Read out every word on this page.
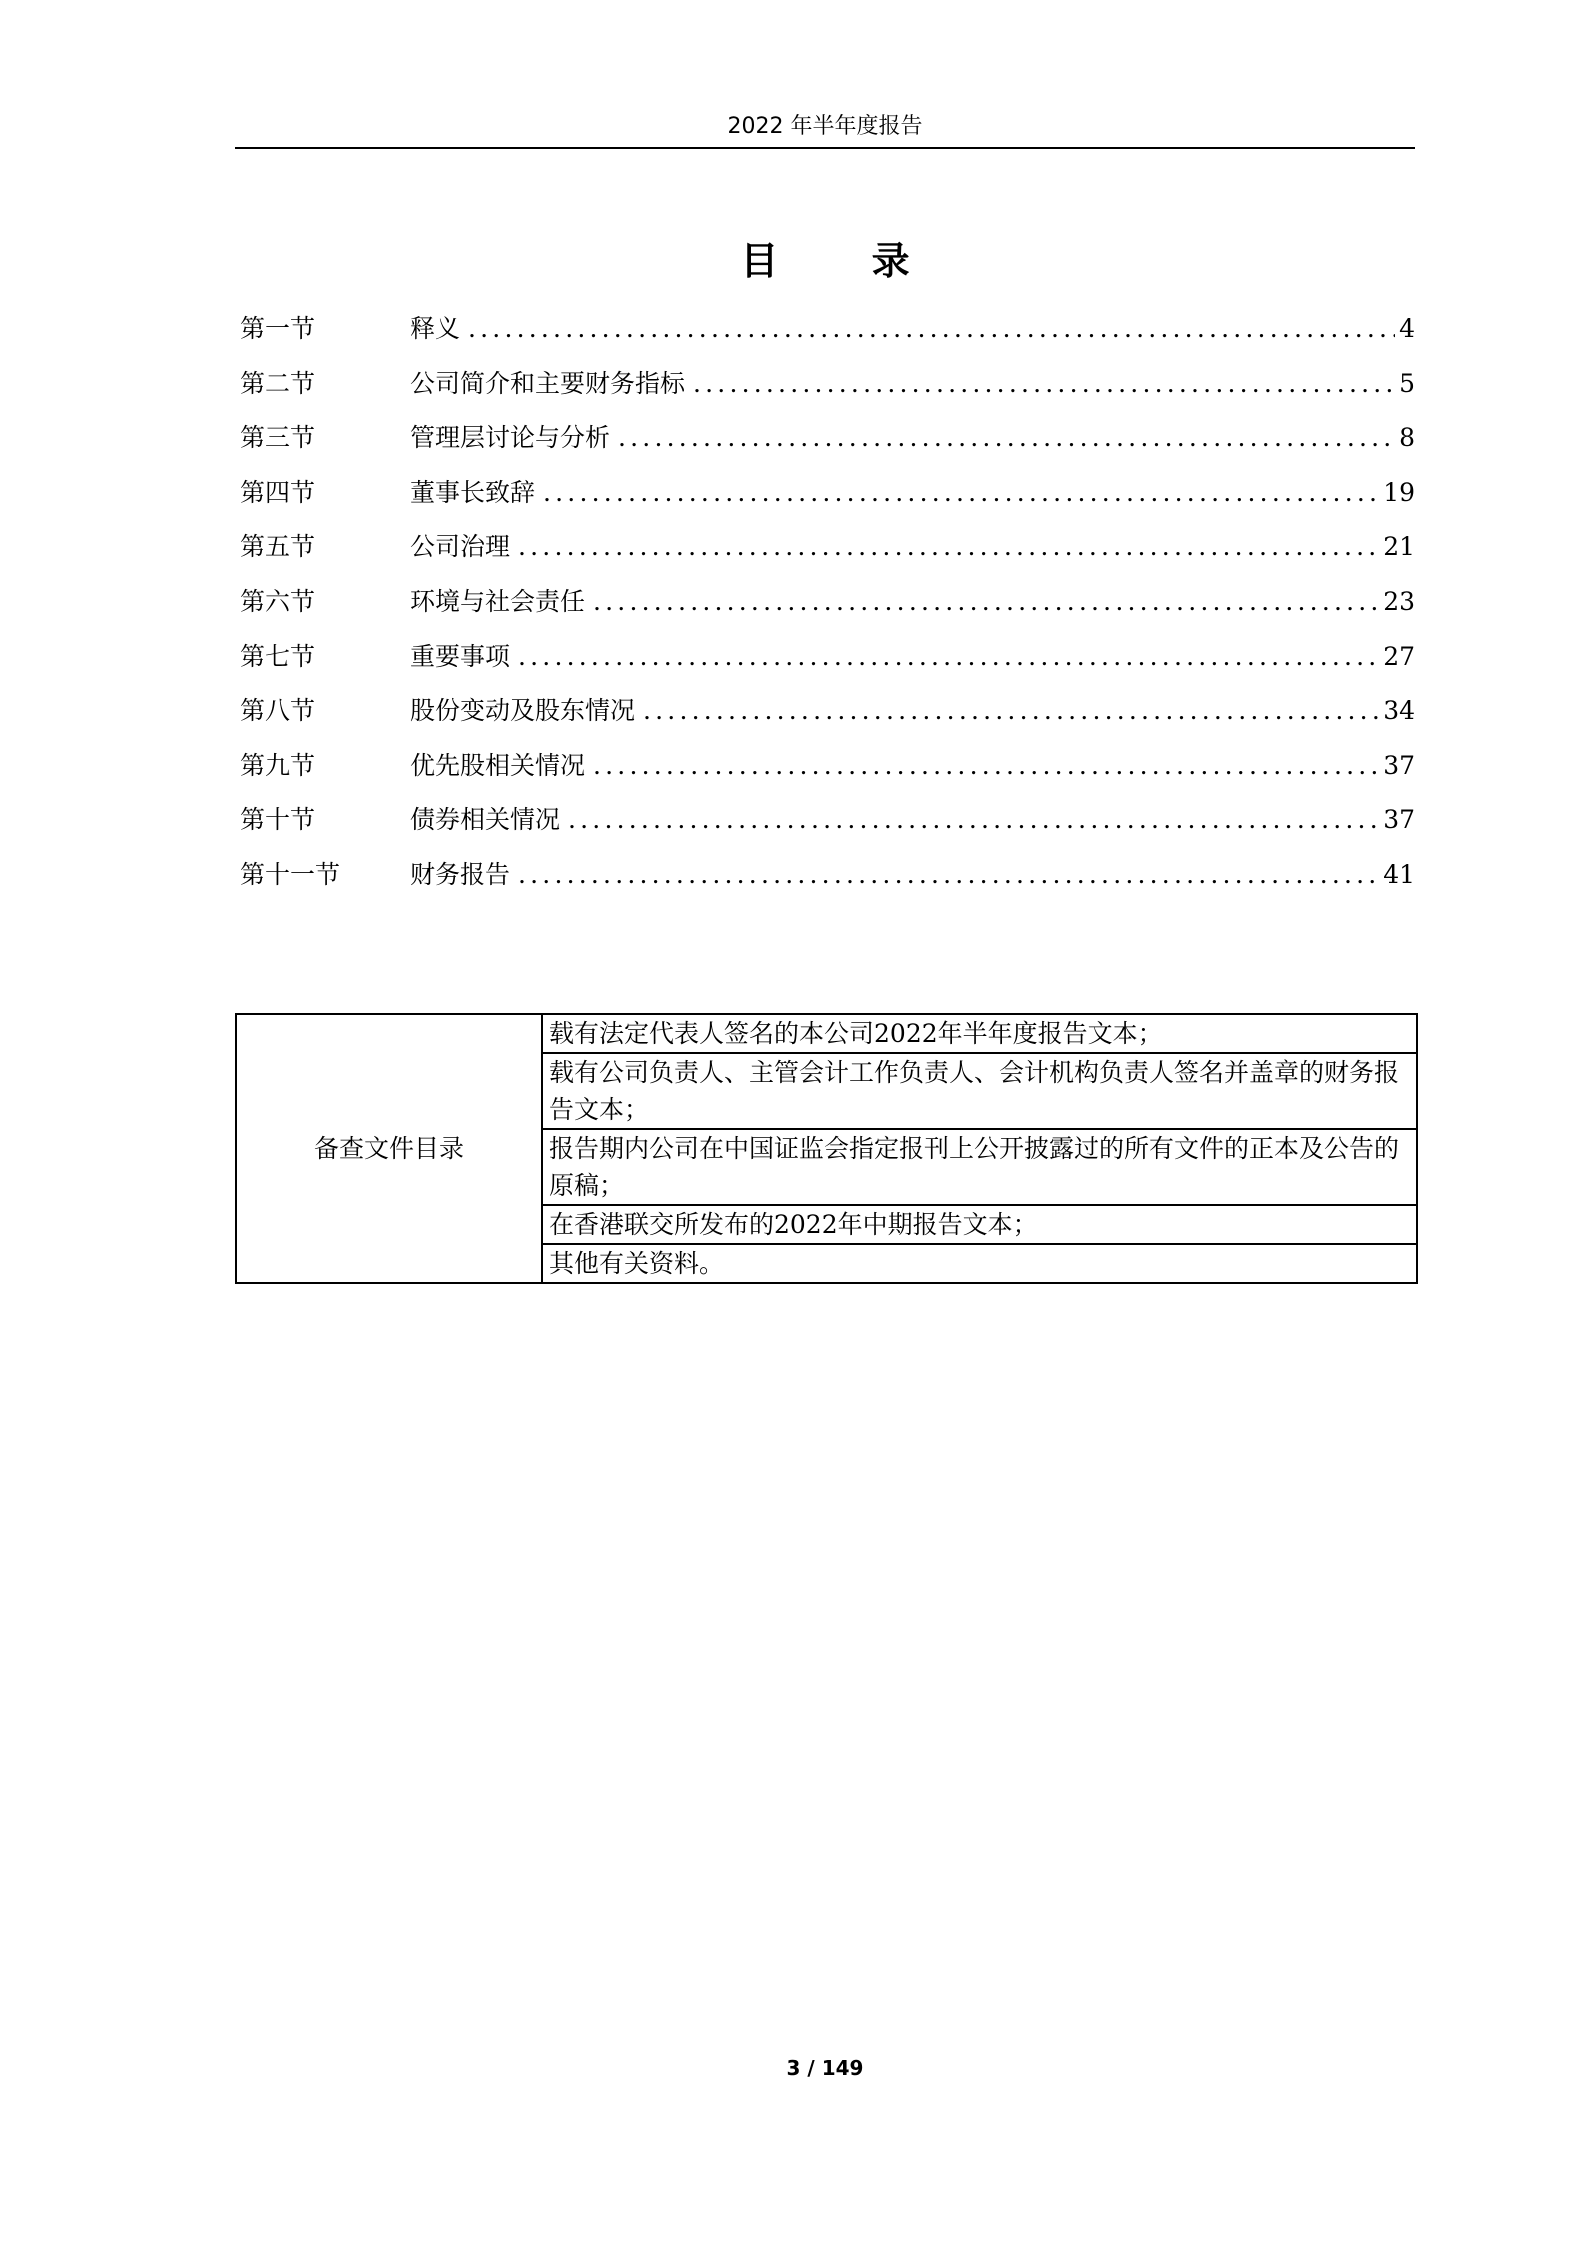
2022 年半年度报告
目 录
第一节	释义 .....	4
第二节	公司简介和主要财务指标 .....	5
第三节	管理层讨论与分析 .....	8
第四节	董事长致辞 .....	19
第五节	公司治理 .....	21
第六节	环境与社会责任 .....	23
第七节	重要事项 .....	27
第八节	股份变动及股东情况 .....	34
第九节	优先股相关情况 .....	37
第十节	债券相关情况 .....	37
第十一节	财务报告 .....	41
备查文件目录	载有法定代表人签名的本公司2022年半年度报告文本；
载有公司负责人、主管会计工作负责人、会计机构负责人签名并盖章的财务报告文本；
报告期内公司在中国证监会指定报刊上公开披露过的所有文件的正本及公告的原稿；
在香港联交所发布的2022年中期报告文本；
其他有关资料。
3 / 149
